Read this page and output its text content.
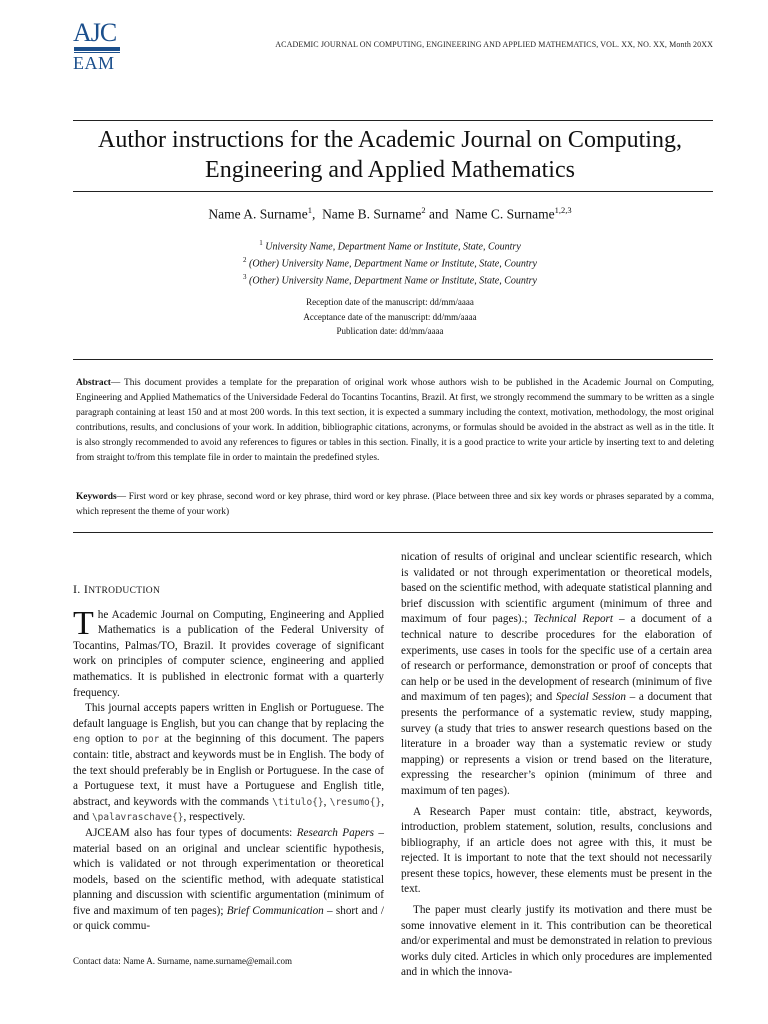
AJC
EAM
ACADEMIC JOURNAL ON COMPUTING, ENGINEERING AND APPLIED MATHEMATICS, VOL. XX, NO. XX, Month 20XX
Author instructions for the Academic Journal on Computing,
Engineering and Applied Mathematics
Name A. Surname$^1$,  Name B. Surname$^2$ and  Name C. Surname$^{1,2,3}$
$^1$ University Name, Department Name or Institute, State, Country
$^2$ (Other) University Name, Department Name or Institute, State, Country
$^3$ (Other) University Name, Department Name or Institute, State, Country
Reception date of the manuscript: dd/mm/aaaa
Acceptance date of the manuscript: dd/mm/aaaa
Publication date: dd/mm/aaaa
Abstract— This document provides a template for the preparation of original work whose authors wish to be published in the Academic Journal on Computing, Engineering and Applied Mathematics of the Universidade Federal do Tocantins Tocantins, Brazil. At first, we strongly recommend the summary to be written as a single paragraph containing at least 150 and at most 200 words. In this text section, it is expected a summary including the context, motivation, methodology, the most original contributions, results, and conclusions of your work. In addition, bibliographic citations, acronyms, or formulas should be avoided in the abstract as well as in the title. It is also strongly recommended to avoid any references to figures or tables in this section. Finally, it is a good practice to write your article by inserting text to and deleting from straight to/from this template file in order to maintain the predefined styles.
Keywords— First word or key phrase, second word or key phrase, third word or key phrase. (Place between three and six key words or phrases separated by a comma, which represent the theme of your work)

I. INTRODUCTION

The Academic Journal on Computing, Engineering and Applied Mathematics is a publication of the Federal University of Tocantins, Palmas/TO, Brazil. It provides coverage of significant work on principles of computer science, engineering and applied mathematics. It is published in electronic format with a quarterly frequency.

This journal accepts papers written in English or Portuguese. The default language is English, but you can change that by replacing the eng option to por at the beginning of this document. The papers contain: title, abstract and keywords must be in English. The body of the text should preferably be in English or Portuguese. In the case of a Portuguese text, it must have a Portuguese and English title, abstract, and keywords with the commands \titulo{}, \resumo{}, and \palavraschave{}, respectively.

AJCEAM also has four types of documents: Research Papers – material based on an original and unclear scientific hypothesis, which is validated or not through experimentation or theoretical models, based on the scientific method, with adequate statistical planning and discussion with scientific argumentation (minimum of five and maximum of ten pages); Brief Communication – short and / or quick commu-

nication of results of original and unclear scientific research, which is validated or not through experimentation or theoretical models, based on the scientific method, with adequate statistical planning and brief discussion with scientific argument (minimum of three and maximum of four pages).; Technical Report – a document of a technical nature to describe procedures for the elaboration of experiments, use cases in tools for the specific use of a certain area of research or performance, demonstration or proof of concepts that can help or be used in the development of research (minimum of five and maximum of ten pages); and Special Session – a document that presents the performance of a systematic review, study mapping, survey (a study that tries to answer research questions based on the literature in a broader way than a systematic review or study mapping) or represents a vision or trend based on the literature, expressing the researcher’s opinion (minimum of three and maximum of ten pages).

A Research Paper must contain: title, abstract, keywords, introduction, problem statement, solution, results, conclusions and bibliography, if an article does not agree with this, it must be rejected. It is important to note that the text should not necessarily present these topics, however, these elements must be present in the text.

The paper must clearly justify its motivation and there must be some innovative element in it. This contribution can be theoretical and/or experimental and must be demonstrated in relation to previous works duly cited. Articles in which only procedures are implemented and in which the innova-

Contact data: Name A. Surname, name.surname@email.com
